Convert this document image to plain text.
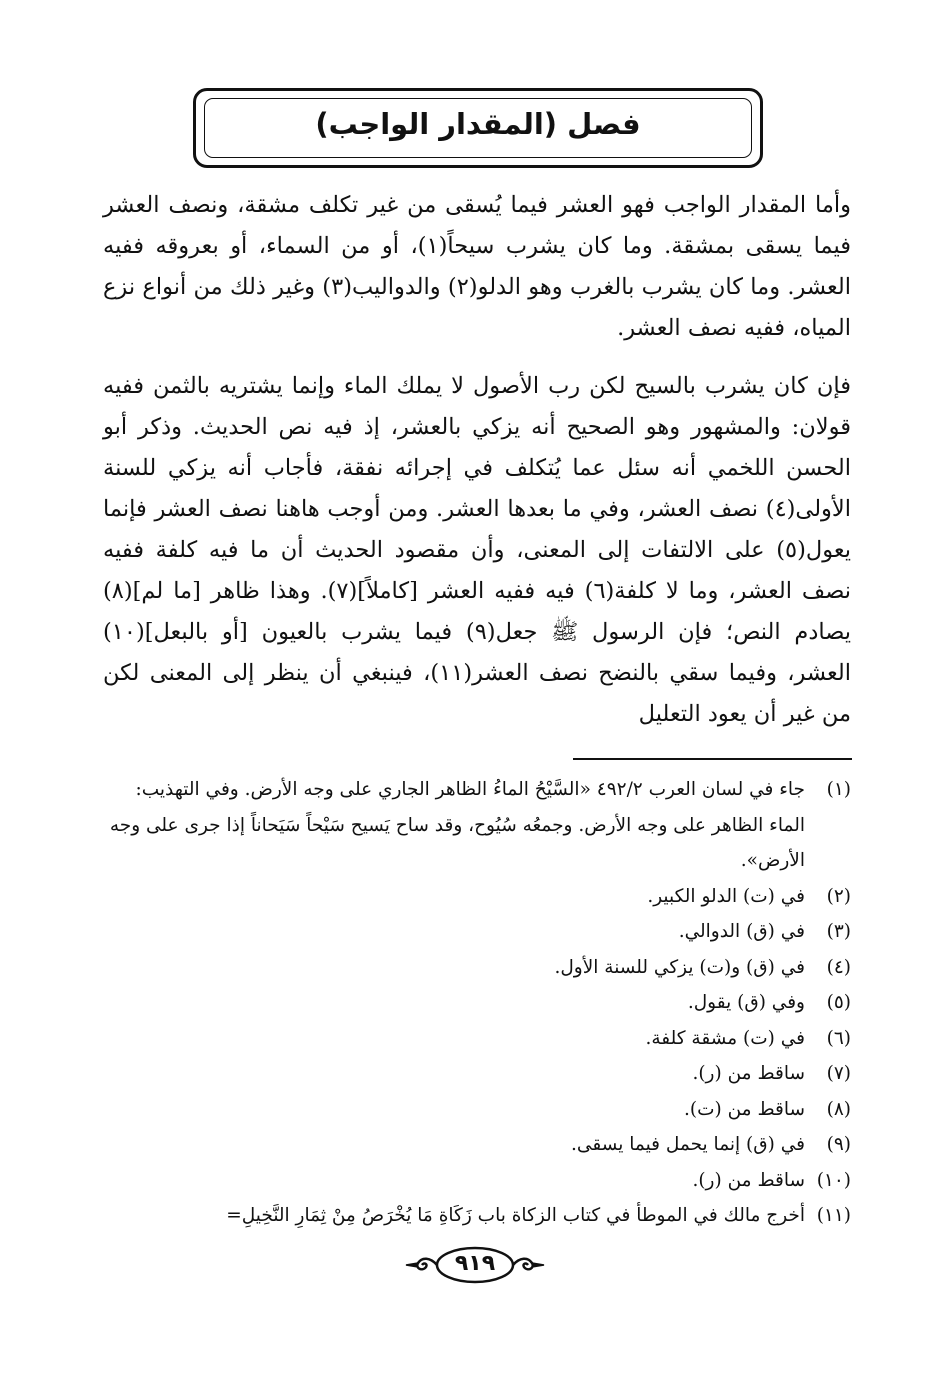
فصل (المقدار الواجب)

وأما المقدار الواجب فهو العشر فيما يُسقى من غير تكلف مشقة، ونصف العشر فيما يسقى بمشقة. وما كان يشرب سيحاً(١)، أو من السماء، أو بعروقه ففيه العشر. وما كان يشرب بالغرب وهو الدلو(٢) والدواليب(٣) وغير ذلك من أنواع نزع المياه، ففيه نصف العشر.

فإن كان يشرب بالسيح لكن رب الأصول لا يملك الماء وإنما يشتريه بالثمن ففيه قولان: والمشهور وهو الصحيح أنه يزكي بالعشر، إذ فيه نص الحديث. وذكر أبو الحسن اللخمي أنه سئل عما يُتكلف في إجرائه نفقة، فأجاب أنه يزكي للسنة الأولى(٤) نصف العشر، وفي ما بعدها العشر. ومن أوجب هاهنا نصف العشر فإنما يعول(٥) على الالتفات إلى المعنى، وأن مقصود الحديث أن ما فيه كلفة ففيه نصف العشر، وما لا كلفة(٦) فيه ففيه العشر [كاملاً](٧). وهذا ظاهر [ما لم](٨) يصادم النص؛ فإن الرسول ﷺ جعل(٩) فيما يشرب بالعيون [أو بالبعل](١٠) العشر، وفيما سقي بالنضح نصف العشر(١١)، فينبغي أن ينظر إلى المعنى لكن من غير أن يعود التعليل

(١)جاء في لسان العرب ٤٩٢/٢ «السَّيْحُ الماءُ الظاهر الجاري على وجه الأرض. وفي التهذيب: الماء الظاهر على وجه الأرض. وجمعُه سُيُوح، وقد ساح يَسيح سَيْحاً سَيَحاناً إذا جرى على وجه الأرض».

(٢)في (ت) الدلو الكبير.

(٣)في (ق) الدوالي.

(٤)في (ق) و(ت) يزكي للسنة الأول.

(٥)وفي (ق) يقول.

(٦)في (ت) مشقة كلفة.

(٧)ساقط من (ر).

(٨)ساقط من (ت).

(٩)في (ق) إنما يحمل فيما يسقى.

(١٠)ساقط من (ر).

(١١)أخرج مالك في الموطأ في كتاب الزكاة باب زَكَاةِ مَا يُخْرَصُ مِنْ ثِمَارِ النَّخِيلِ=

٩١٩
